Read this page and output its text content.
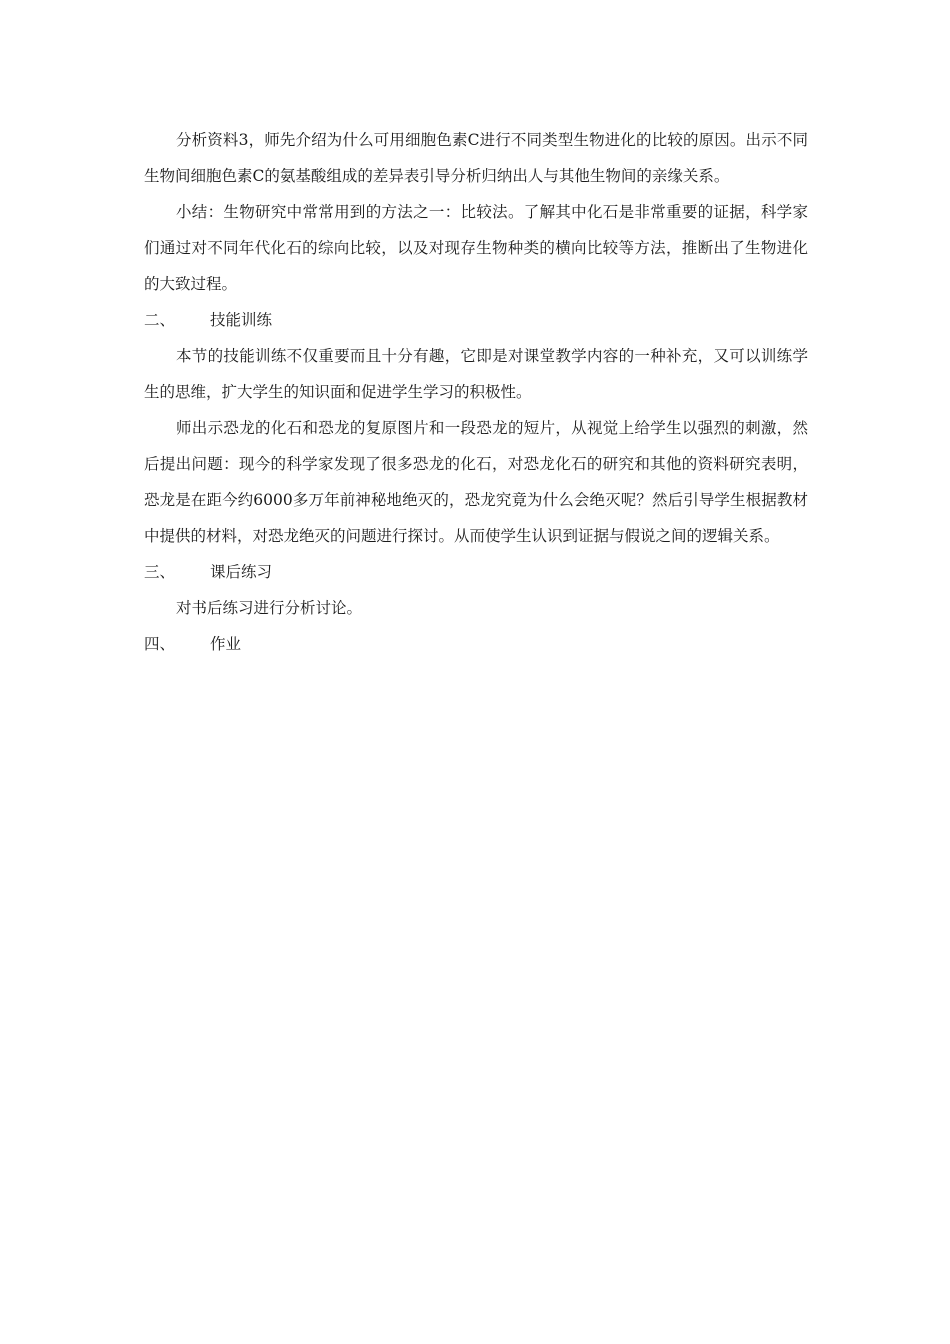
分析资料3，师先介绍为什么可用细胞色素C进行不同类型生物进化的比较的原因。出示不同生物间细胞色素C的氨基酸组成的差异表引导分析归纳出人与其他生物间的亲缘关系。

小结：生物研究中常常用到的方法之一：比较法。了解其中化石是非常重要的证据，科学家们通过对不同年代化石的综向比较，以及对现存生物种类的横向比较等方法，推断出了生物进化的大致过程。

二、	技能训练

本节的技能训练不仅重要而且十分有趣，它即是对课堂教学内容的一种补充，又可以训练学生的思维，扩大学生的知识面和促进学生学习的积极性。

师出示恐龙的化石和恐龙的复原图片和一段恐龙的短片，从视觉上给学生以强烈的刺激，然后提出问题：现今的科学家发现了很多恐龙的化石，对恐龙化石的研究和其他的资料研究表明，恐龙是在距今约6000多万年前神秘地绝灭的，恐龙究竟为什么会绝灭呢？然后引导学生根据教材中提供的材料，对恐龙绝灭的问题进行探讨。从而使学生认识到证据与假说之间的逻辑关系。

三、	课后练习

对书后练习进行分析讨论。

四、	作业
